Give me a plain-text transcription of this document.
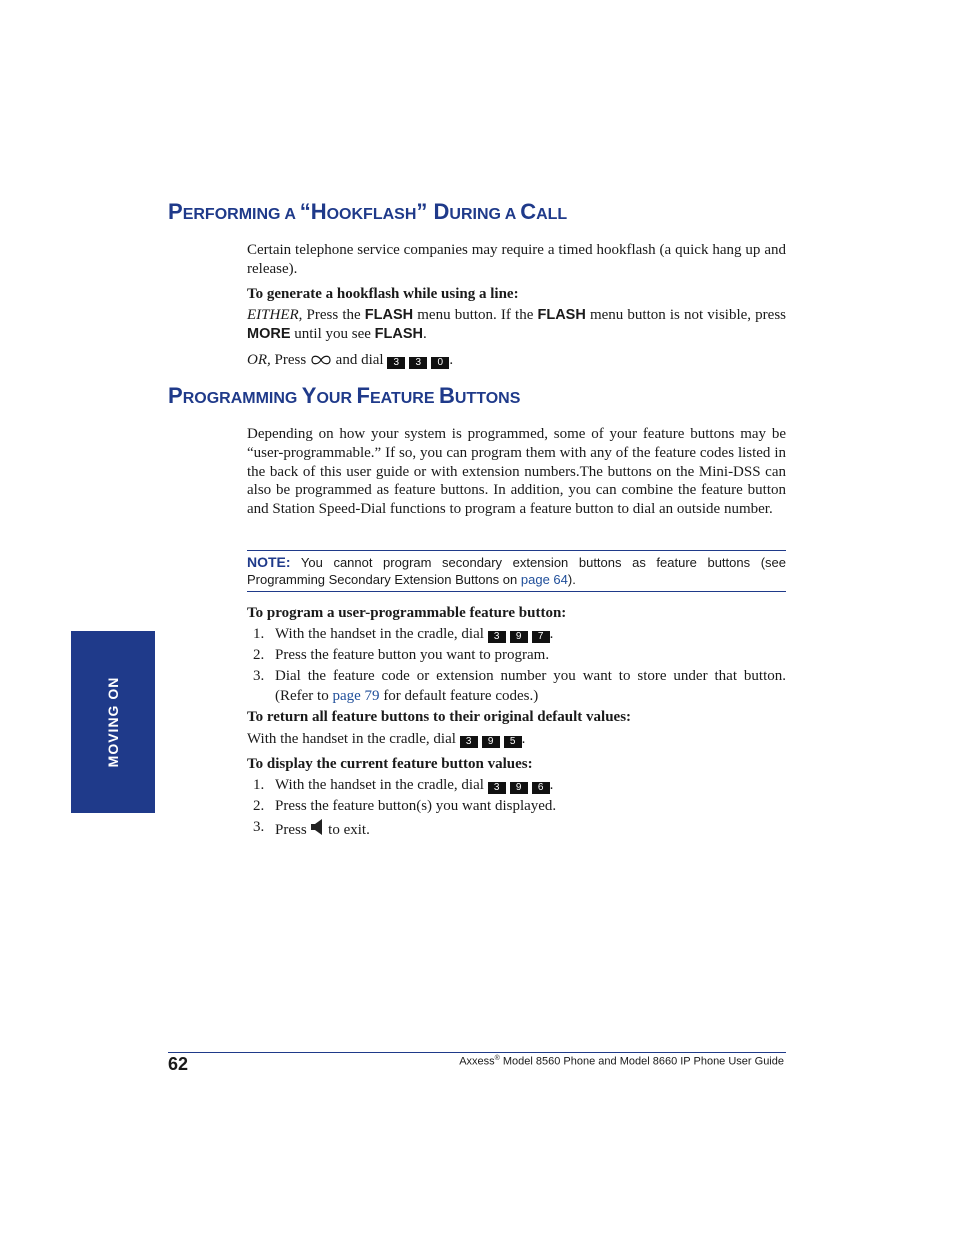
PERFORMING A “HOOKFLASH” DURING A CALL

Certain telephone service companies may require a timed hookflash (a quick hang up and release).

To generate a hookflash while using a line:

EITHER, Press the FLASH menu button. If the FLASH menu button is not visible, press MORE until you see FLASH.

OR, Press  and dial 3 3 0 .

PROGRAMMING YOUR FEATURE BUTTONS

Depending on how your system is programmed, some of your feature buttons may be “user-programmable.” If so, you can program them with any of the feature codes listed in the back of this user guide or with extension numbers.The buttons on the Mini-DSS can also be programmed as feature buttons. In addition, you can combine the feature button and Station Speed-Dial functions to program a feature button to dial an outside number.

NOTE: You cannot program secondary extension buttons as feature buttons (see Programming Secondary Extension Buttons on page 64).

To program a user-programmable feature button:

1. With the handset in the cradle, dial 3 9 7 .
2. Press the feature button you want to program.
3. Dial the feature code or extension number you want to store under that button. (Refer to page 79 for default feature codes.)

To return all feature buttons to their original default values:

With the handset in the cradle, dial 3 9 5 .

To display the current feature button values:

1. With the handset in the cradle, dial 3 9 6 .
2. Press the feature button(s) you want displayed.
3. Press  to exit.
MOVING ON
62	Axxess® Model 8560 Phone and Model 8660 IP Phone User Guide
